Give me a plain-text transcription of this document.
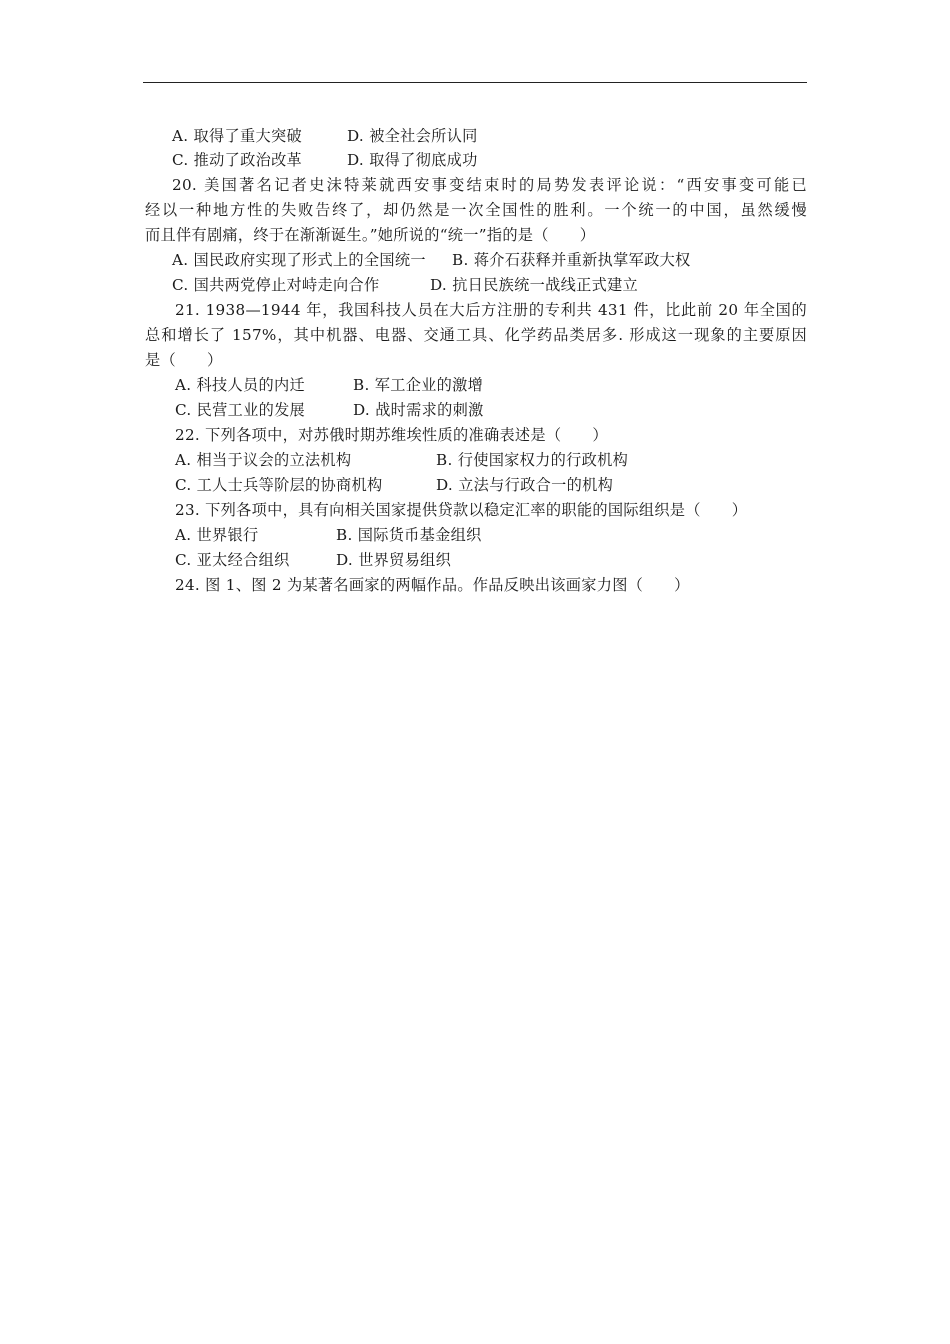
A. 取得了重大突破	D. 被全社会所认同
C. 推动了政治改革	D. 取得了彻底成功
20. 美国著名记者史沫特莱就西安事变结束时的局势发表评论说：“西安事变可能已
经以一种地方性的失败告终了，却仍然是一次全国性的胜利。一个统一的中国，虽然缓慢
而且伴有剧痛，终于在渐渐诞生。”她所说的“统一”指的是（　　）
A. 国民政府实现了形式上的全国统一 B. 蒋介石获释并重新执掌军政大权
C. 国共两党停止对峙走向合作	D. 抗日民族统一战线正式建立
21. 1938—1944 年，我国科技人员在大后方注册的专利共 431 件，比此前 20 年全国的
总和增长了 157%，其中机器、电器、交通工具、化学药品类居多. 形成这一现象的主要原因
是（　　）
A. 科技人员的内迁	B. 军工企业的激增
C. 民营工业的发展	D. 战时需求的刺激
22. 下列各项中，对苏俄时期苏维埃性质的准确表述是（　　）
A. 相当于议会的立法机构	B. 行使国家权力的行政机构
C. 工人士兵等阶层的协商机构	D. 立法与行政合一的机构
23. 下列各项中，具有向相关国家提供贷款以稳定汇率的职能的国际组织是（　　）
A. 世界银行	B. 国际货币基金组织
C. 亚太经合组织	D. 世界贸易组织
24. 图 1、图 2 为某著名画家的两幅作品。作品反映出该画家力图（　　）
